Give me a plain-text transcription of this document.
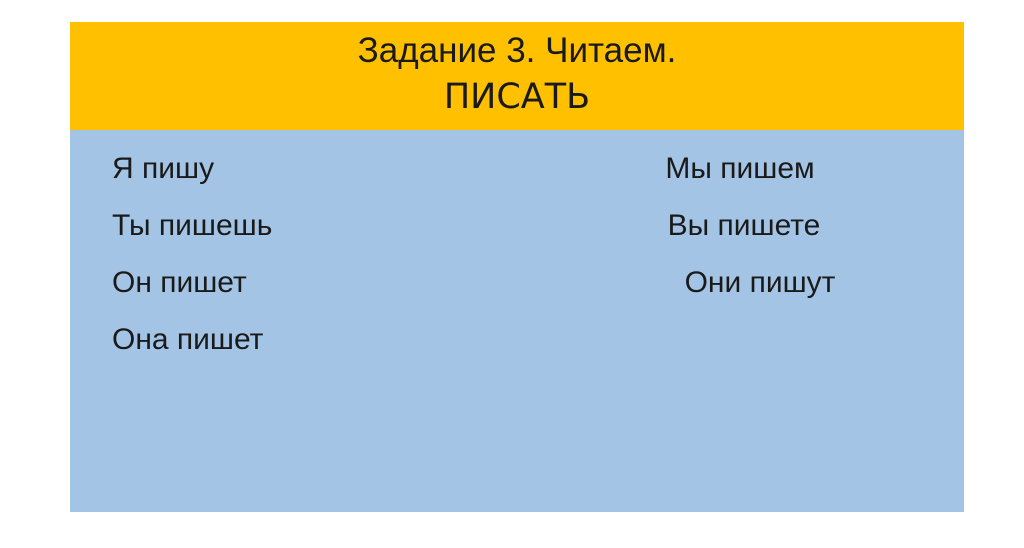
Задание 3. Читаем.
ПИСАТЬ
Я пишу
Ты пишешь
Он пишет
Она пишет
Мы пишем
Вы пишете
Они пишут
